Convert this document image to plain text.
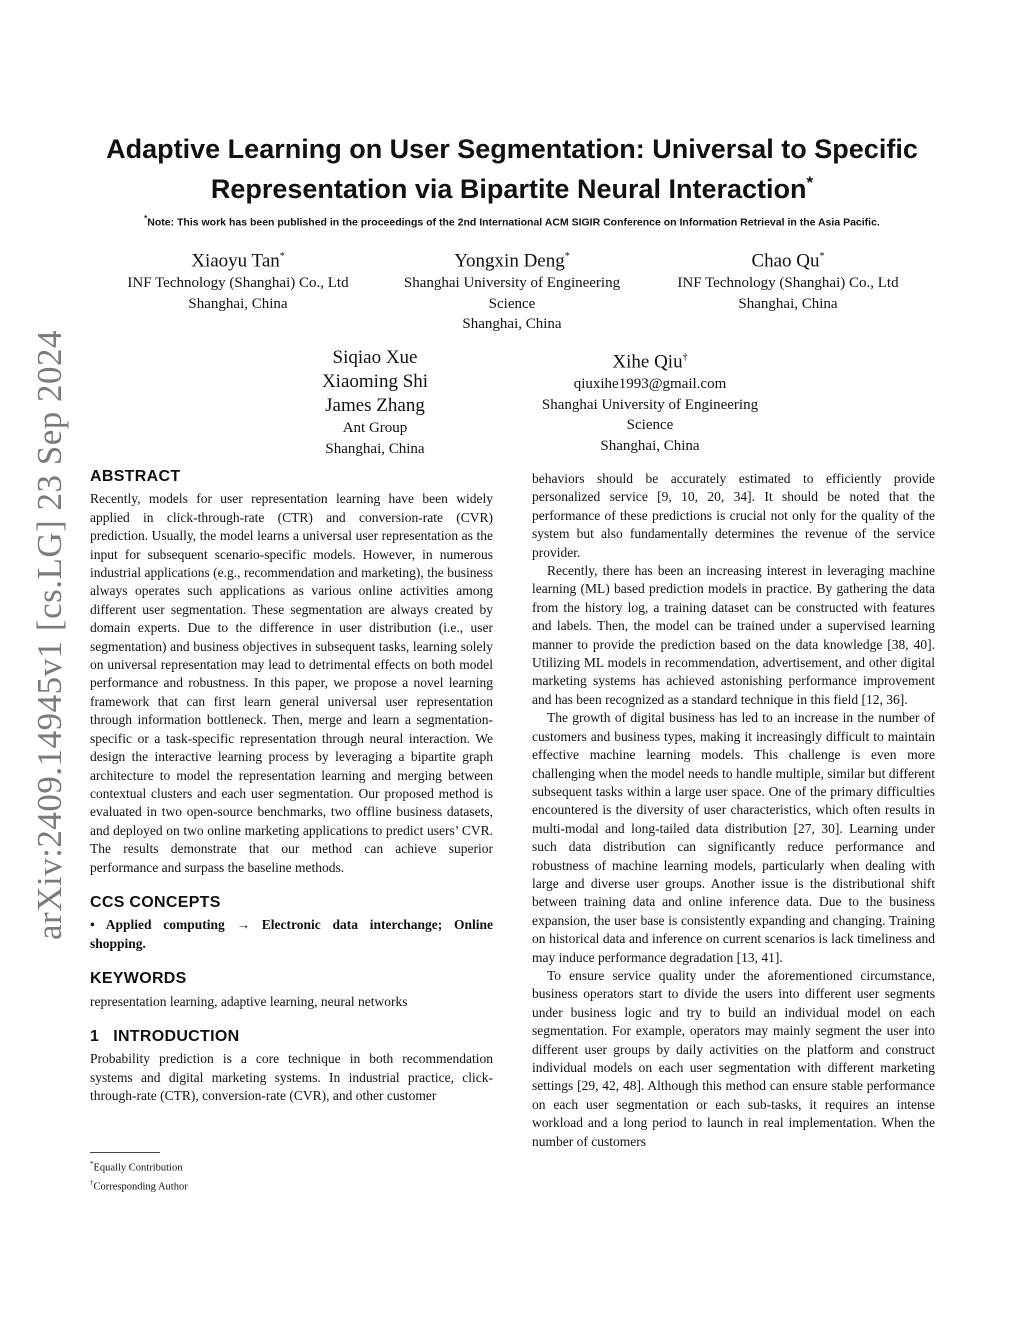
arXiv:2409.14945v1 [cs.LG] 23 Sep 2024
Adaptive Learning on User Segmentation: Universal to Specific
Representation via Bipartite Neural Interaction*
*Note: This work has been published in the proceedings of the 2nd International ACM SIGIR Conference on Information Retrieval in the Asia Pacific.
Xiaoyu Tan*
INF Technology (Shanghai) Co., Ltd
Shanghai, China
Yongxin Deng*
Shanghai University of Engineering
Science
Shanghai, China
Chao Qu*
INF Technology (Shanghai) Co., Ltd
Shanghai, China
Siqiao Xue
Xiaoming Shi
James Zhang
Ant Group
Shanghai, China
Xihe Qiu†
qiuxihe1993@gmail.com
Shanghai University of Engineering
Science
Shanghai, China
ABSTRACT

Recently, models for user representation learning have been widely applied in click-through-rate (CTR) and conversion-rate (CVR) prediction. Usually, the model learns a universal user representation as the input for subsequent scenario-specific models. However, in numerous industrial applications (e.g., recommendation and marketing), the business always operates such applications as various online activities among different user segmentation. These segmentation are always created by domain experts. Due to the difference in user distribution (i.e., user segmentation) and business objectives in subsequent tasks, learning solely on universal representation may lead to detrimental effects on both model performance and robustness. In this paper, we propose a novel learning framework that can first learn general universal user representation through information bottleneck. Then, merge and learn a segmentation-specific or a task-specific representation through neural interaction. We design the interactive learning process by leveraging a bipartite graph architecture to model the representation learning and merging between contextual clusters and each user segmentation. Our proposed method is evaluated in two open-source benchmarks, two offline business datasets, and deployed on two online marketing applications to predict users’ CVR. The results demonstrate that our method can achieve superior performance and surpass the baseline methods.

CCS CONCEPTS

• Applied computing → Electronic data interchange; Online shopping.

KEYWORDS

representation learning, adaptive learning, neural networks

1 INTRODUCTION

Probability prediction is a core technique in both recommendation systems and digital marketing systems. In industrial practice, click-through-rate (CTR), conversion-rate (CVR), and other customer

*Equally Contribution
†Corresponding Author

behaviors should be accurately estimated to efficiently provide personalized service [9, 10, 20, 34]. It should be noted that the performance of these predictions is crucial not only for the quality of the system but also fundamentally determines the revenue of the service provider.

Recently, there has been an increasing interest in leveraging machine learning (ML) based prediction models in practice. By gathering the data from the history log, a training dataset can be constructed with features and labels. Then, the model can be trained under a supervised learning manner to provide the prediction based on the data knowledge [38, 40]. Utilizing ML models in recommendation, advertisement, and other digital marketing systems has achieved astonishing performance improvement and has been recognized as a standard technique in this field [12, 36].

The growth of digital business has led to an increase in the number of customers and business types, making it increasingly difficult to maintain effective machine learning models. This challenge is even more challenging when the model needs to handle multiple, similar but different subsequent tasks within a large user space. One of the primary difficulties encountered is the diversity of user characteristics, which often results in multi-modal and long-tailed data distribution [27, 30]. Learning under such data distribution can significantly reduce performance and robustness of machine learning models, particularly when dealing with large and diverse user groups. Another issue is the distributional shift between training data and online inference data. Due to the business expansion, the user base is consistently expanding and changing. Training on historical data and inference on current scenarios is lack timeliness and may induce performance degradation [13, 41].

To ensure service quality under the aforementioned circumstance, business operators start to divide the users into different user segments under business logic and try to build an individual model on each segmentation. For example, operators may mainly segment the user into different user groups by daily activities on the platform and construct individual models on each user segmentation with different marketing settings [29, 42, 48]. Although this method can ensure stable performance on each user segmentation or each sub-tasks, it requires an intense workload and a long period to launch in real implementation. When the number of customers
